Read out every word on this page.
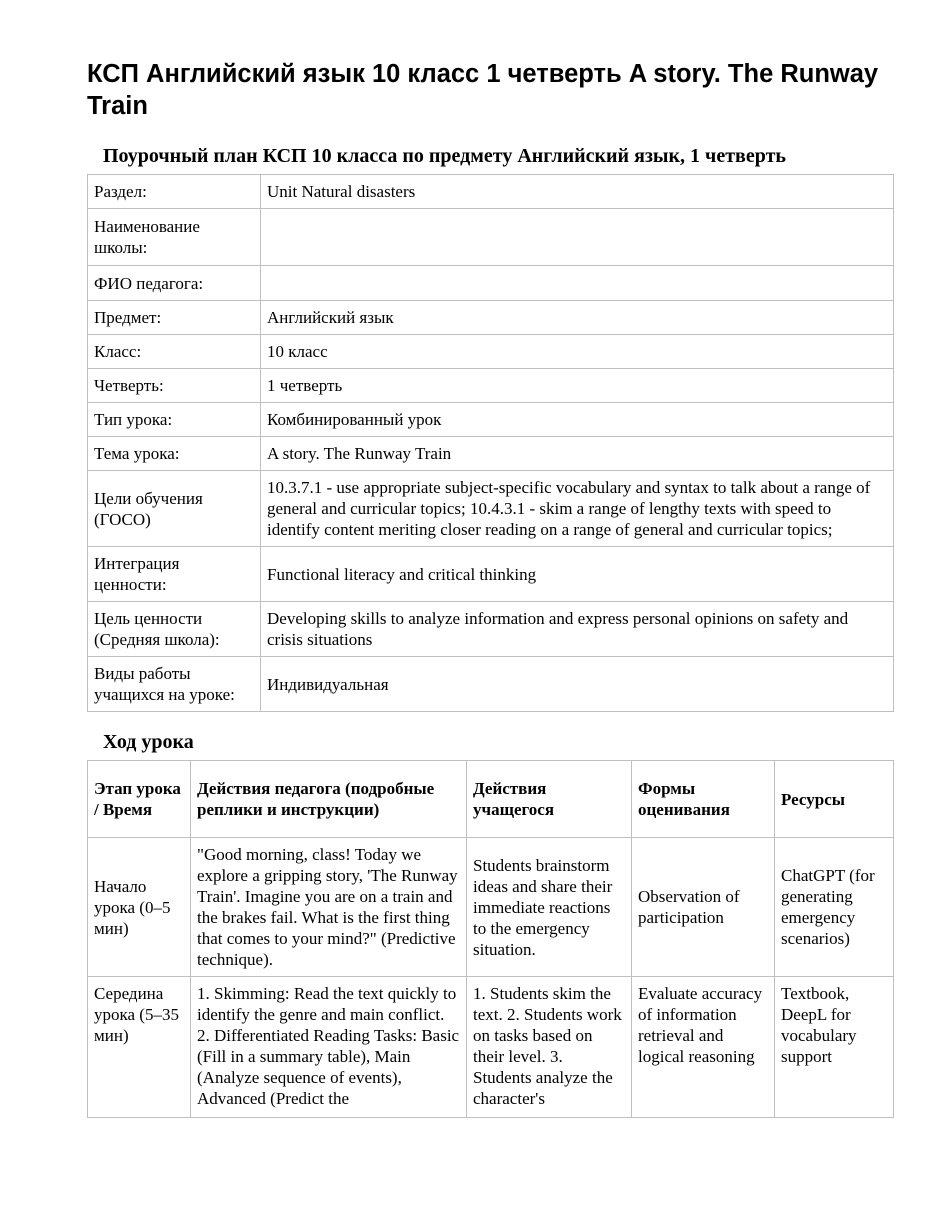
КСП Английский язык 10 класс 1 четверть A story. The Runway Train
Поурочный план КСП 10 класса по предмету Английский язык, 1 четверть
Раздел:	Unit Natural disasters
Наименование школы:	
ФИО педагога:	
Предмет:	Английский язык
Класс:	10 класс
Четверть:	1 четверть
Тип урока:	Комбинированный урок
Тема урока:	A story. The Runway Train
Цели обучения (ГОСО)	10.3.7.1 - use appropriate subject-specific vocabulary and syntax to talk about a range of general and curricular topics; 10.4.3.1 - skim a range of lengthy texts with speed to identify content meriting closer reading on a range of general and curricular topics;
Интеграция ценности:	Functional literacy and critical thinking
Цель ценности (Средняя школа):	Developing skills to analyze information and express personal opinions on safety and crisis situations
Виды работы учащихся на уроке:	Индивидуальная
Ход урока
Этап урока / Время	Действия педагога (подробные реплики и инструкции)	Действия учащегося	Формы оценивания	Ресурсы
Начало урока (0–5 мин)	"Good morning, class! Today we explore a gripping story, 'The Runway Train'. Imagine you are on a train and the brakes fail. What is the first thing that comes to your mind?" (Predictive technique).	Students brainstorm ideas and share their immediate reactions to the emergency situation.	Observation of participation	ChatGPT (for generating emergency scenarios)

Середина урока (5–35 мин)	1. Skimming: Read the text quickly to identify the genre and main conflict. 2. Differentiated Reading Tasks: Basic (Fill in a summary table), Main (Analyze sequence of events), Advanced (Predict the	1. Students skim the text. 2. Students work on tasks based on their level. 3. Students analyze the character's	Evaluate accuracy of information retrieval and logical reasoning	Textbook, DeepL for vocabulary support
